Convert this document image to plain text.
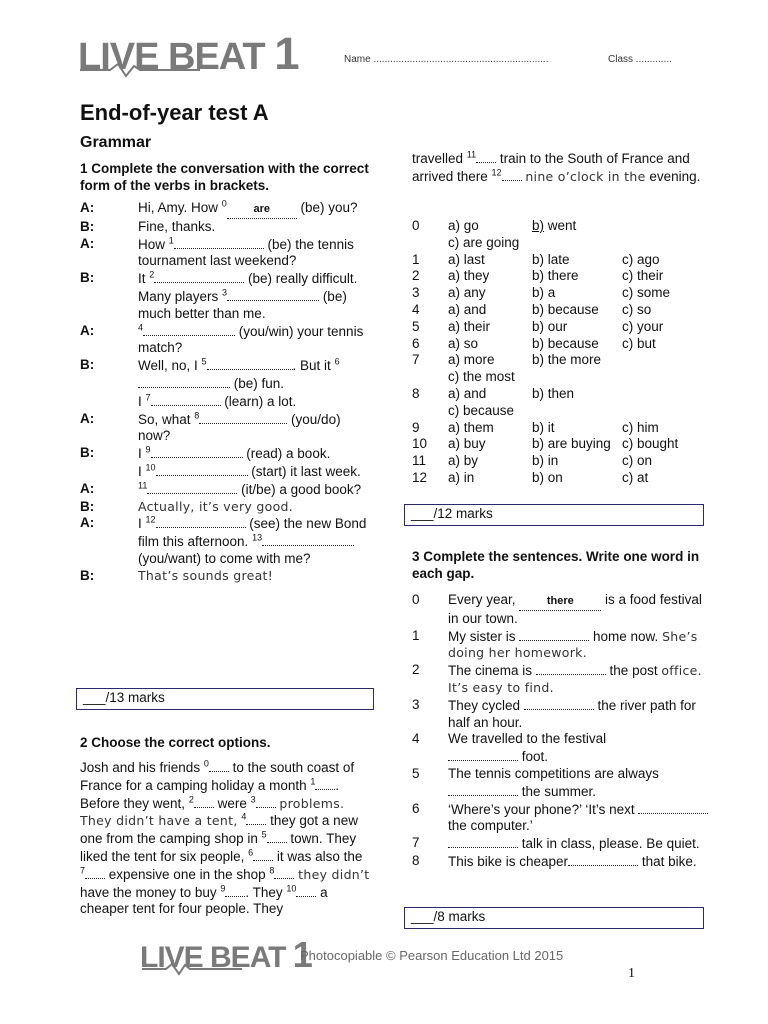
LIVE BEAT 1	Name ...............................................................	Class .............
End-of-year test A
Grammar
1 Complete the conversation with the correct form of the verbs in brackets.
A:	Hi, Amy. How $^0$ are (be) you?
B:	Fine, thanks.
A:	How $^1$	(be) the tennis tournament last weekend?
B:	It $^2$	(be) really difficult. Many players $^3$	(be) much better than me.
A:	$^4$	(you/win) your tennis match?
B:	Well, no, I $^5$	. But it $^6$ (be) fun.
I $^7$	(learn) a lot.
A:	So, what $^8$	(you/do) now?
B:	I $^9$	(read) a book.
I $^{10}$	(start) it last week.
A:	$^{11}$	(it/be) a good book?
B:	Actually, it’s very good.
A:	I $^{12}$	(see) the new Bond film this afternoon. $^{13}$ (you/want) to come with me?
B:	That’s sounds great!
___/13 marks
2 Choose the correct options.
Josh and his friends $^0$ to the south coast of France for a camping holiday a month $^1$ . Before they went, $^2$ were $^3$ problems. They didn’t have a tent, $^4$ they got a new one from the camping shop in $^5$ town. They liked the tent for six people, $^6$ it was also the $^7$ expensive one in the shop $^8$ they didn’t have the money to buy $^9$ . They $^{10}$ a cheaper tent for four people. They
travelled $^{11}$ train to the South of France and arrived there $^{12}$ nine o’clock in the evening.
0	a) go	b) went
c) are going
1	a) last	b) late	c) ago
2	a) they	b) there	c) their
3	a) any	b) a	c) some
4	a) and	b) because	c) so
5	a) their	b) our	c) your
6	a) so	b) because	c) but
7	a) more	b) the more
c) the most
8	a) and	b) then
c) because
9	a) them	b) it	c) him
10	a) buy	b) are buying c) bought
11	a) by	b) in	c) on
12	a) in	b) on	c) at
___/12 marks
3 Complete the sentences. Write one word in each gap.
0	Every year,	there is a food festival in our town.
1	My sister is	home now. She’s doing her homework.
2	The cinema is	the post office. It’s easy to find.
3	They cycled	the river path for half an hour.
4	We travelled to the festival
foot.
5	The tennis competitions are always  the summer.
6	‘Where’s your phone?’ ‘It’s next  the computer.’
7	talk in class, please. Be quiet.
8	This bike is cheaper	that bike.
___/8 marks
LIVE BEAT 1
Photocopiable © Pearson Education Ltd 2015
1
